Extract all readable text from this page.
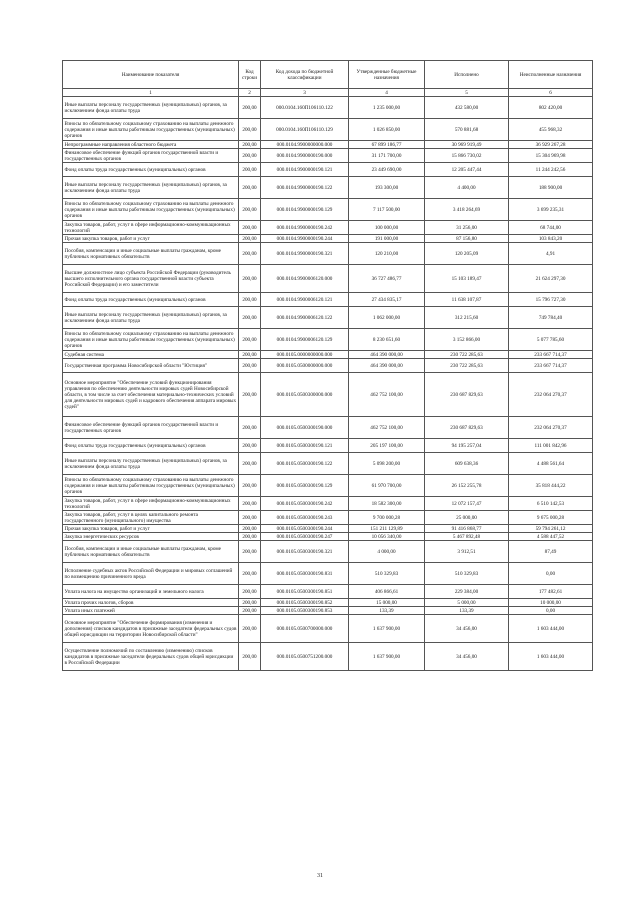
Наименование показателя	Код строки	Код дохода по бюджетной классификации	Утвержденные бюджетные назначения	Исполнено	Неисполненные назначения
1	2	3	4	5	6
Иные выплаты персоналу государственных (муниципальных) органов, за исключением фонда оплаты труда	200,00	000.0104.160П106110.122	1 235 000,00	432 580,00	802 420,00
Взносы по обязательному социальному страхованию на выплаты денежного содержания и иные выплаты работникам государственных (муниципальных) органов	200,00	000.0104.160П106110.129	1 026 850,00	570 881,68	455 968,32
Непрограммные направления областного бюджета	200,00	000.0104.9900000000.000	67 899 186,77	30 969 919,49	36 929 267,28
Финансовое обеспечение функций органов государственной власти и государственных органов	200,00	000.0104.9900000190.000	31 171 700,00	15 866 730,02	15 304 969,98
Фонд оплаты труда государственных (муниципальных) органов	200,00	000.0104.9900000190.121	23 449 690,00	12 205 447,44	11 244 242,56
Иные выплаты персоналу государственных (муниципальных) органов, за исключением фонда оплаты труда	200,00	000.0104.9900000190.122	193 300,00	4 400,00	188 900,00
Взносы по обязательному социальному страхованию на выплаты денежного содержания и иные выплаты работникам государственных (муниципальных) органов	200,00	000.0104.9900000190.129	7 117 500,00	3 418 264,69	3 699 235,31
Закупка товаров, работ, услуг в сфере информационно-коммуникационных технологий	200,00	000.0104.9900000190.242	100 000,00	31 256,00	68 744,00
Прочая закупка товаров, работ и услуг	200,00	000.0104.9900000190.244	191 000,00	87 156,80	103 843,20
Пособия, компенсации и иные социальные выплаты гражданам, кроме публичных нормативных обязательств	200,00	000.0104.9900000190.321	120 210,00	120 205,09	4,91
Высшее должностное лицо субъекта Российской Федерации (руководитель высшего исполнительного органа государственной власти субъекта Российской Федерации) и его заместители	200,00	000.0104.9900006120.000	36 727 486,77	15 103 189,47	21 624 297,30
Фонд оплаты труда государственных (муниципальных) органов	200,00	000.0104.9900006120.121	27 434 835,17	11 638 107,87	15 796 727,30
Иные выплаты персоналу государственных (муниципальных) органов, за исключением фонда оплаты труда	200,00	000.0104.9900006120.122	1 062 000,00	312 215,60	749 784,40
Взносы по обязательному социальному страхованию на выплаты денежного содержания и иные выплаты работникам государственных (муниципальных) органов	200,00	000.0104.9900006120.129	8 230 651,60	3 152 866,00	5 077 785,60
Судебная система	200,00	000.0105.0000000000.000	464 390 000,00	230 722 285,63	233 667 714,37
Государственная программа Новосибирской области "Юстиция"	200,00	000.0105.0500000000.000	464 390 000,00	230 722 285,63	233 667 714,37
Основное мероприятие "Обеспечение условий функционирования управления по обеспечению деятельности мировых судей Новосибирской области, в том числе за счет обеспечения материально-технических условий для деятельности мировых судей и кадрового обеспечения аппарата мировых судей"	200,00	000.0105.0500300000.000	462 752 100,00	230 687 829,63	232 064 270,37
Финансовое обеспечение функций органов государственной власти и государственных органов	200,00	000.0105.0500300190.000	462 752 100,00	230 687 829,63	232 064 270,37
Фонд оплаты труда государственных (муниципальных) органов	200,00	000.0105.0500300190.121	205 197 100,00	94 195 257,04	111 001 842,96
Иные выплаты персоналу государственных (муниципальных) органов, за исключением фонда оплаты труда	200,00	000.0105.0500300190.122	5 098 200,00	609 638,36	4 488 561,64
Взносы по обязательному социальному страхованию на выплаты денежного содержания и иные выплаты работникам государственных (муниципальных) органов	200,00	000.0105.0500300190.129	61 970 700,00	26 152 255,78	35 818 444,22
Закупка товаров, работ, услуг в сфере информационно-коммуникационных технологий	200,00	000.0105.0500300190.242	18 582 300,00	12 072 157,47	6 510 142,53
Закупка товаров, работ, услуг в целях капитального ремонта государственного (муниципального) имущества	200,00	000.0105.0500300190.243	9 700 000,28	25 000,00	9 675 000,28
Прочая закупка товаров, работ и услуг	200,00	000.0105.0500300190.244	151 211 129,89	91 416 868,77	59 794 261,12
Закупка энергетических ресурсов	200,00	000.0105.0500300190.247	10 056 340,00	5 467 892,48	4 588 447,52
Пособия, компенсации и иные социальные выплаты гражданам, кроме публичных нормативных обязательств	200,00	000.0105.0500300190.321	4 000,00	3 912,51	87,49
Исполнение судебных актов Российской Федерации и мировых соглашений по возмещению причиненного вреда	200,00	000.0105.0500300190.831	510 329,83	510 329,83	0,00
Уплата налога на имущество организаций и земельного налога	200,00	000.0105.0500300190.851	406 866,61	229 384,00	177 482,61
Уплата прочих налогов, сборов	200,00	000.0105.0500300190.852	15 000,00	5 000,00	10 000,00
Уплата иных платежей	200,00	000.0105.0500300190.853	133,39	133,39	0,00
Основное мероприятие "Обеспечение формирования (изменения и дополнения) списков кандидатов в присяжные заседатели федеральных судов общей юрисдикции на территории Новосибирской области"	200,00	000.0105.0500700000.000	1 637 900,00	34 456,00	1 603 444,00
Осуществление полномочий по составлению (изменению) списков кандидатов в присяжные заседатели федеральных судов общей юрисдикции в Российской Федерации	200,00	000.0105.0500751200.000	1 637 900,00	34 456,00	1 603 444,00
31
